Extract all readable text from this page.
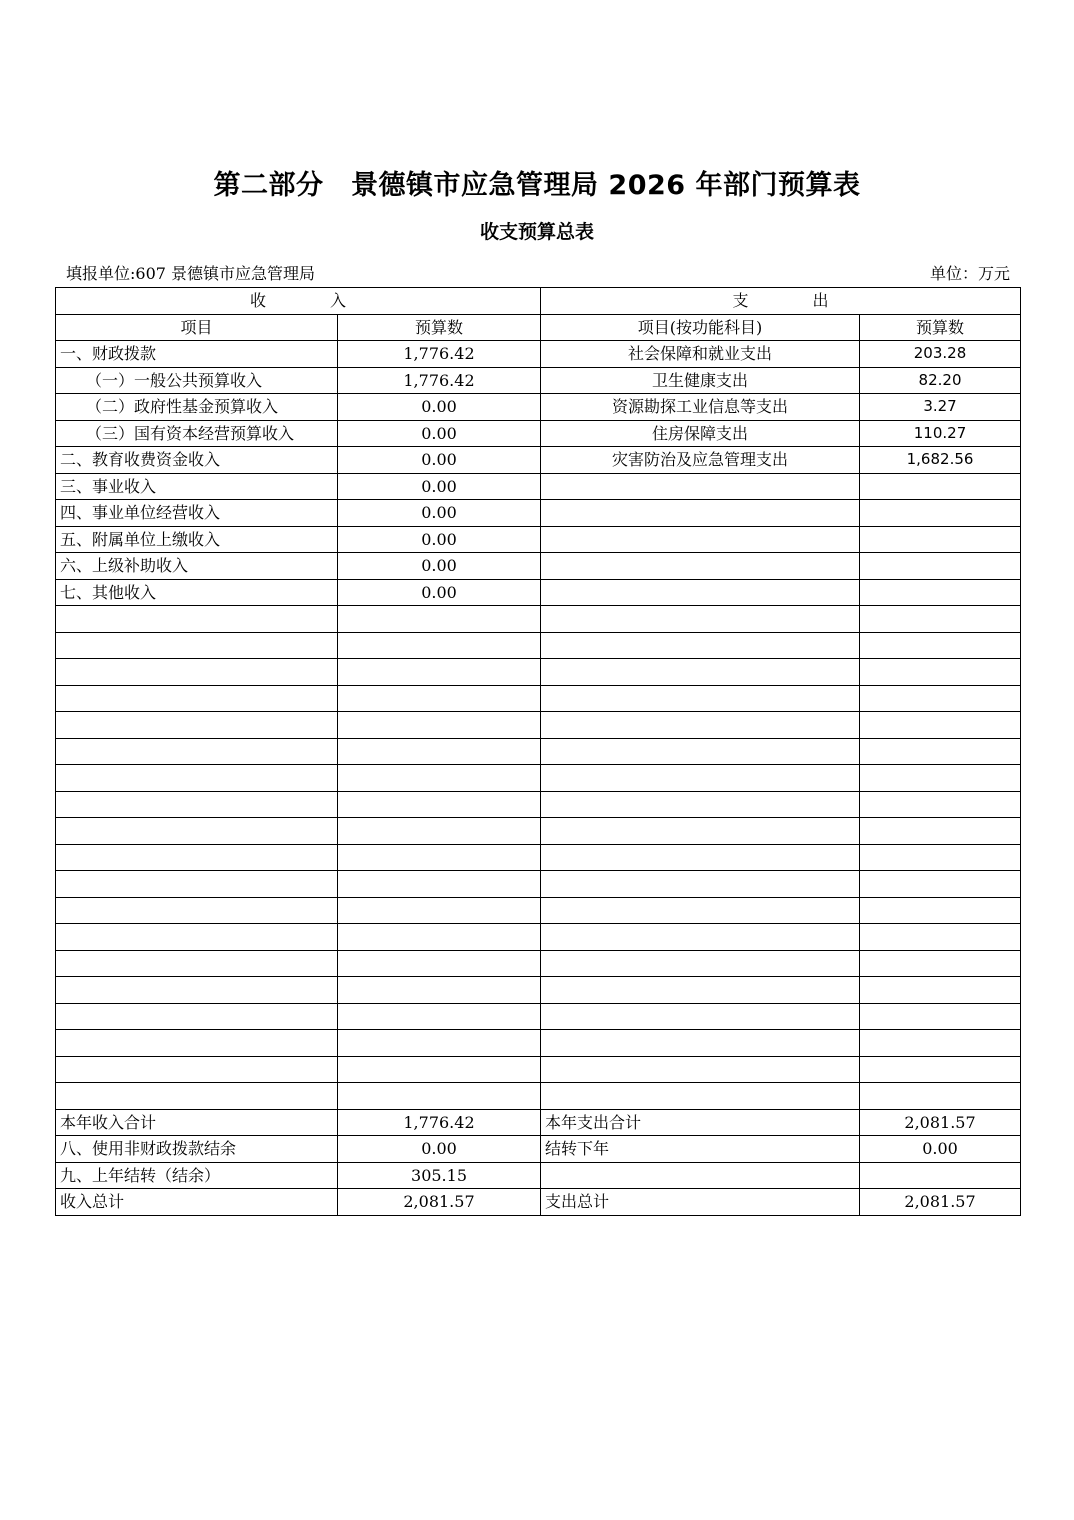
第二部分　景德镇市应急管理局 2026 年部门预算表
收支预算总表
填报单位:607 景德镇市应急管理局	单位：万元
收　　　　入		支　　　　出	
项目	预算数	项目(按功能科目)	预算数
一、财政拨款	1,776.42	社会保障和就业支出	203.28
（一）一般公共预算收入	1,776.42	卫生健康支出	82.20
（二）政府性基金预算收入	0.00	资源勘探工业信息等支出	3.27
（三）国有资本经营预算收入	0.00	住房保障支出	110.27
二、教育收费资金收入	0.00	灾害防治及应急管理支出	1,682.56
三、事业收入	0.00		
四、事业单位经营收入	0.00		
五、附属单位上缴收入	0.00		
六、上级补助收入	0.00		
七、其他收入	0.00		

本年收入合计	1,776.42	本年支出合计	2,081.57
八、使用非财政拨款结余	0.00	结转下年	0.00
九、上年结转（结余）	305.15		
收入总计	2,081.57	支出总计	2,081.57
